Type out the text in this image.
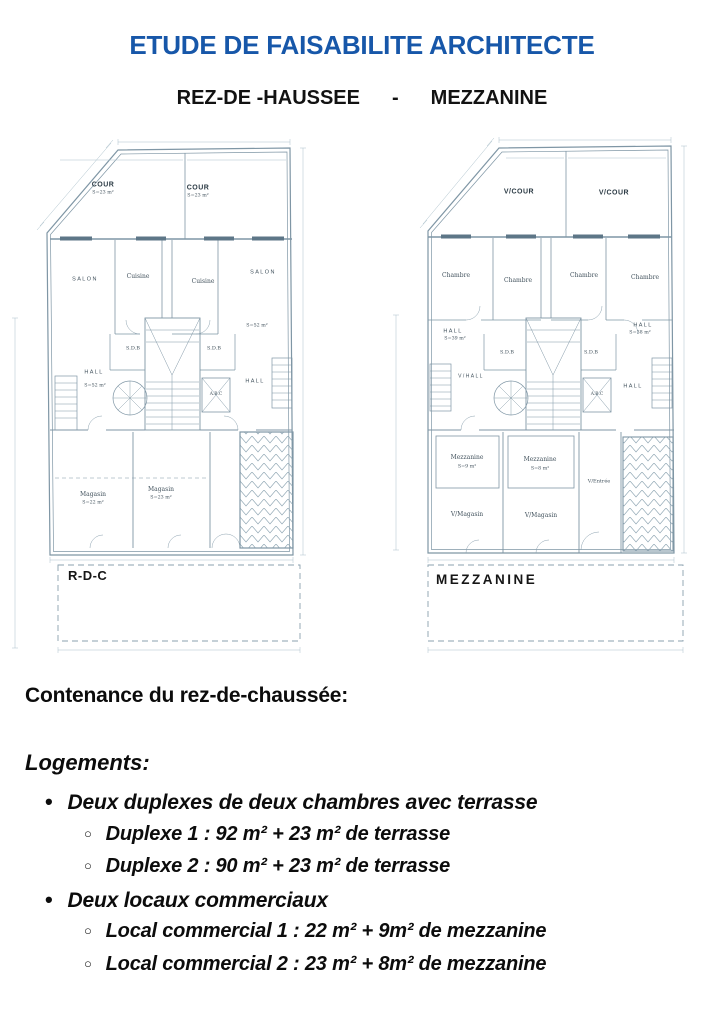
ETUDE DE FAISABILITE ARCHITECTE
REZ-DE -HAUSSEE - MEZZANINE
COUR
S=23 m²
COUR
S=23 m²
SALON	Cuisine
Cuisine
SALON
S=52 m²
S.D.B	S.D.B
HALL
S=52 m²
HALL
A.B.C
Magasin
S=22 m²
Magasin
S=23 m²
R-D-C
V/COUR	V/COUR
Chambre
Chambre
Chambre	Chambre
HALL
S=39 m²
HALL
S=38 m²
S.D.B	S.D.B
V/HALL
HALL
A.B.C
Mezzanine
S=9 m²
Mezzanine
S=8 m²
V/Entrée
V/Magasin	V/Magasin
MEZZANINE
Contenance du rez-de-chaussée:
Logements:
• Deux duplexes de deux chambres avec terrasse
○ Duplexe 1 : 92 m² + 23 m² de terrasse
○ Duplexe 2 : 90 m² + 23 m² de terrasse
• Deux locaux commerciaux
○ Local commercial 1 : 22 m² + 9m² de mezzanine
○ Local commercial 2 : 23 m² + 8m² de mezzanine
